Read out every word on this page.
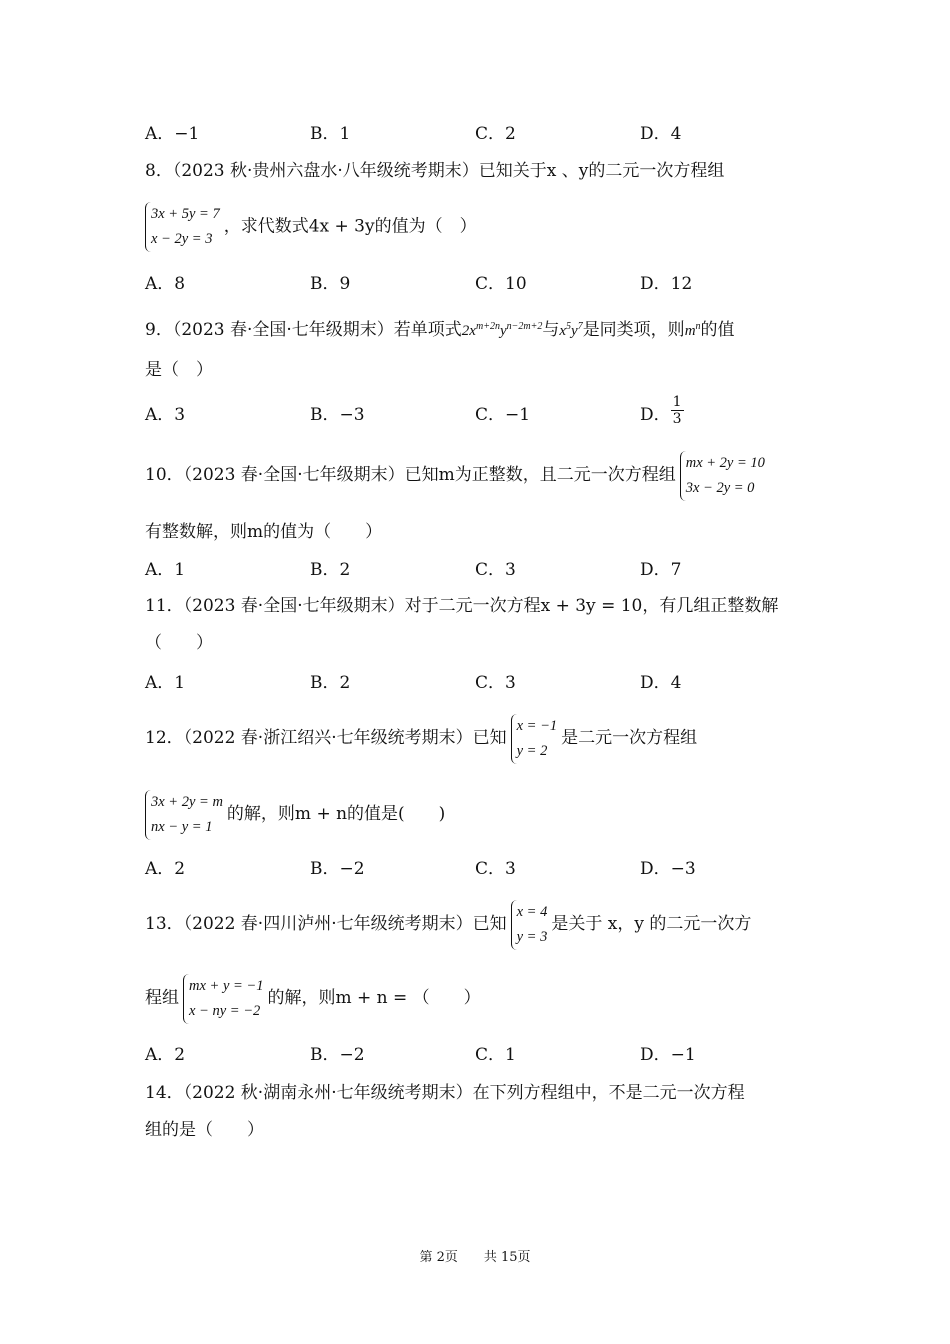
A．−1	B．1	C．2	D．4
8．（2023 秋·贵州六盘水·八年级统考期末）已知关于x 、y的二元一次方程组
3x + 5y = 7
x − 2y = 3
，求代数式4x + 3y的值为（　）
A．8	B．9	C．10	D．12
9．（2023 春·全国·七年级期末）若单项式$2x^{m+2n}y^{n-2m+2}$与$x^5y^7$是同类项，则$m^n$的值
是（　）
A．3	B．−3	C．−1	D． $\frac{1}{3}$
10．（2023 春·全国·七年级期末）已知m为正整数，且二元一次方程组
mx + 2y = 10
3x − 2y = 0
有整数解，则m的值为（　　）
A．1	B．2	C．3	D．7
11．（2023 春·全国·七年级期末）对于二元一次方程x + 3y = 10，有几组正整数解
（　　）
A．1	B．2	C．3	D．4
12．（2022 春·浙江绍兴·七年级统考期末）已知
x = −1
y = 2
是二元一次方程组
3x + 2y = m
nx − y = 1
的解，则m + n的值是(　　)
A．2	B．−2	C．3	D．−3
13．（2022 春·四川泸州·七年级统考期末）已知
x = 4
y = 3
是关于 x，y 的二元一次方
程组
mx + y = −1
x − ny = −2
的解，则m + n = （　　）
A．2	B．−2	C．1	D．−1
14．（2022 秋·湖南永州·七年级统考期末）在下列方程组中，不是二元一次方程
组的是（　　）
第 2页　　共 15页
